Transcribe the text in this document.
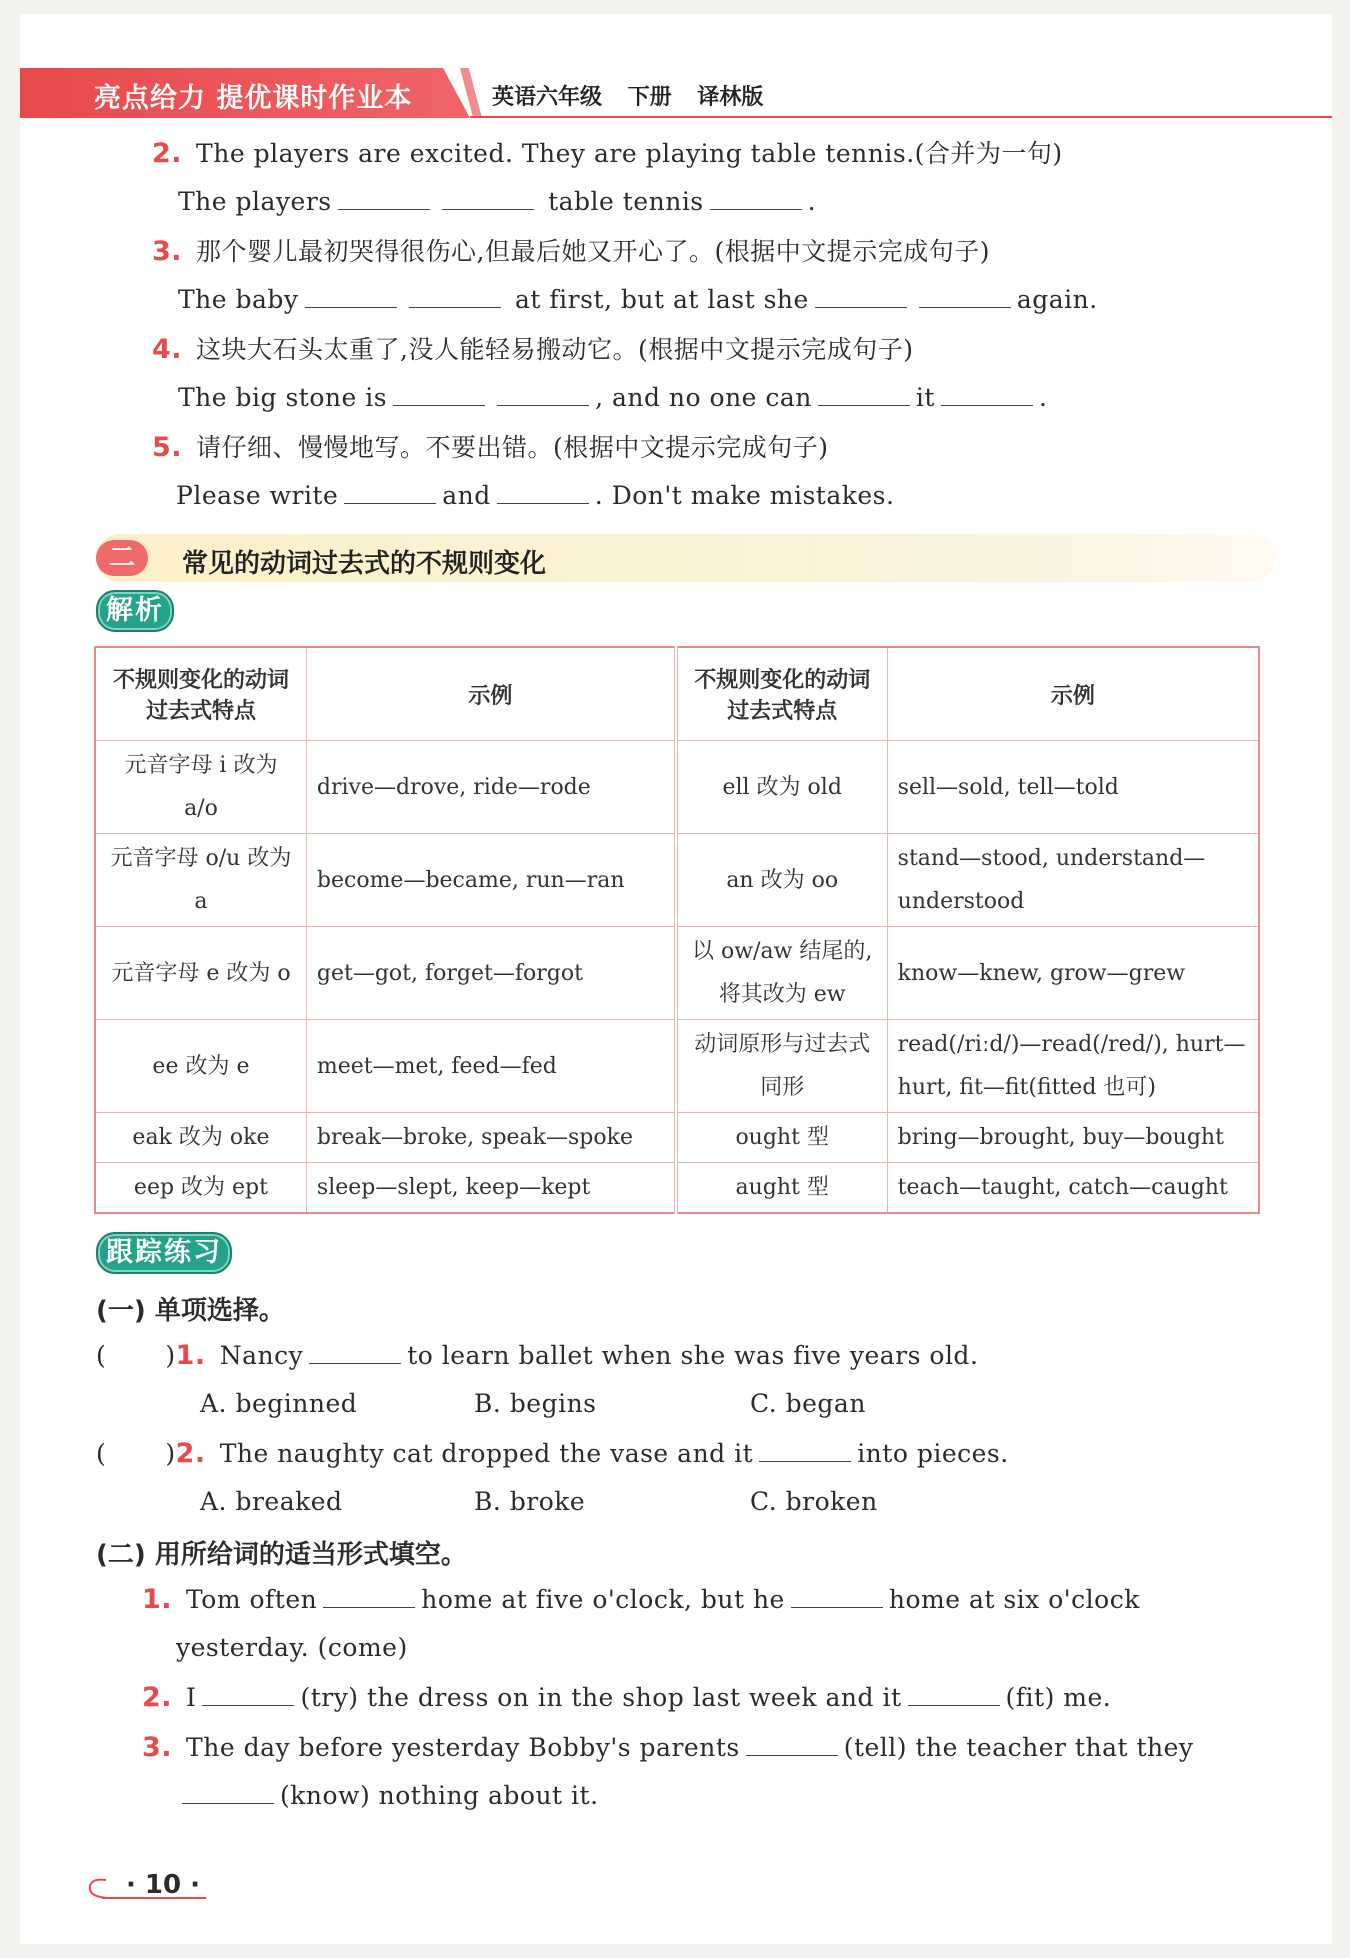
亮点给力 提优课时作业本	英语六年级 下册 译林版
2. The players are excited. They are playing table tennis.(合并为一句)
The players	table tennis	.
3. 那个婴儿最初哭得很伤心,但最后她又开心了。(根据中文提示完成句子)
The baby	at first, but at last she	again.
4. 这块大石头太重了,没人能轻易搬动它。(根据中文提示完成句子)
The big stone is	, and no one can	it	.
5. 请仔细、慢慢地写。不要出错。(根据中文提示完成句子)
Please write	and	. Don't make mistakes.
二	常见的动词过去式的不规则变化
解析
不规则变化的动词过去式特点	示例	不规则变化的动词过去式特点	示例
元音字母 i 改为 a/o	drive—drove, ride—rode	ell 改为 old	sell—sold, tell—told
元音字母 o/u 改为 a	become—became, run—ran	an 改为 oo	stand—stood, understand—understood
元音字母 e 改为 o	get—got, forget—forgot	以 ow/aw 结尾的,将其改为 ew	know—knew, grow—grew
ee 改为 e	meet—met, feed—fed	动词原形与过去式同形	read(/riːd/)—read(/red/), hurt—hurt, fit—fit(fitted 也可)
eak 改为 oke	break—broke, speak—spoke	ought 型	bring—brought, buy—bought
eep 改为 ept	sleep—slept, keep—kept	aught 型	teach—taught, catch—caught
跟踪练习
(一) 单项选择。
(       )1. Nancy	to learn ballet when she was five years old.
A. beginned	B. begins	C. began
(       )2. The naughty cat dropped the vase and it	into pieces.
A. breaked	B. broke	C. broken
(二) 用所给词的适当形式填空。
1. Tom often	home at five o'clock, but he	home at six o'clock
yesterday. (come)
2. I	(try) the dress on in the shop last week and it	(fit) me.
3. The day before yesterday Bobby's parents	(tell) the teacher that they
(know) nothing about it.
· 10 ·
